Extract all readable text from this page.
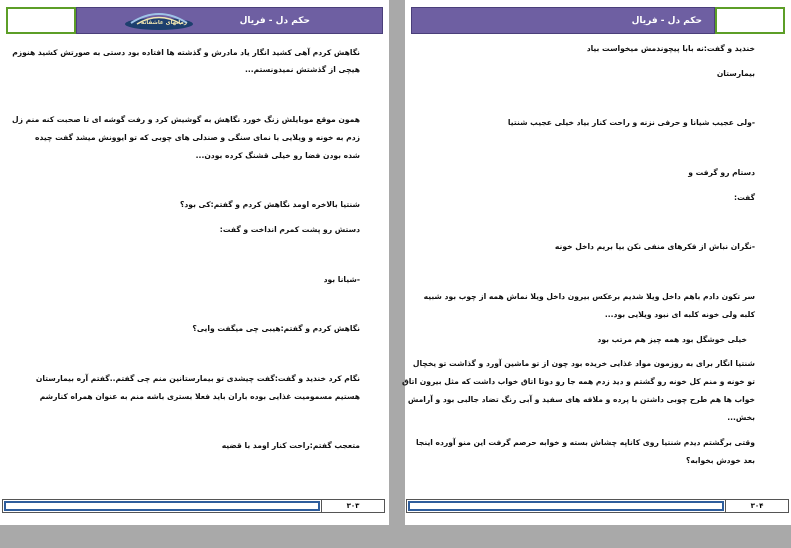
حکم دل - فریال
رمانهای عاشقانه
نگاهش کردم آهی کشید انگار یاد مادرش و گذشته ها افتاده بود دستی به صورتش کشید هنوزم
هیچی از گذشتش نمیدونستم...
همون موقع موبایلش زنگ خورد نگاهش به گوشیش کرد و رفت گوشه ای تا صحبت کنه منم زل
زدم به خونه و ویلایی با نمای سنگی و صندلی های چوبی که تو ایوونش میشد گفت چیده
شده بودن فضا رو خیلی قشنگ کرده بودن...
شنتیا بالاخره اومد نگاهش کردم و گفتم:کی بود؟
دستش رو پشت کمرم انداخت و گفت:
-شیانا بود
نگاهش کردم و گفتم:هیبی چی میگفت وایی؟
نگام کرد خندید و گفت:گفت چیشدی تو بیمارستانین منم چی گفتم..گفتم آره بیمارستان
هستیم مسمومیت غذایی بوده باران باید فعلا بستری باشه منم به عنوان همراه کنارشم
متعجب گفتم:راحت کنار اومد با قضیه
۳۰۳
حکم دل - فریال
خندید و گفت:نه بابا پیچوندمش میخواست بیاد
بیمارستان
-ولی عجیب شیانا و حرفی نزنه و راحت کنار بیاد خیلی عجیب شنتیا
دستام رو گرفت و
گفت:
-نگران نباش از فکرهای منفی نکن بیا بریم داخل خونه
سر تکون دادم باهم داخل ویلا شدیم برعکس بیرون داخل ویلا نماش همه از چوب بود شبیه
کلبه ولی خونه کلبه ای نبود ویلایی بود...
خیلی خوشگل بود همه چیز هم مرتب بود
شنتیا انگار برای به روزمون مواد غذایی خریده بود چون از تو ماشین آورد و گذاشت تو یخچال
تو خونه و منم کل خونه رو گشتم و دید زدم همه جا رو دوتا اتاق خواب داشت که مثل بیرون اتاق
خواب ها هم طرح چوبی داشتن با پرده و ملافه های سفید و آبی رنگ تضاد جالبی بود و آرامش
بخش...
وقتی برگشتم دیدم شنتیا روی کاناپه چشاش بسته و خوابه حرصم گرفت این منو آورده اینجا
بعد خودش بخوابه؟
۳۰۴
